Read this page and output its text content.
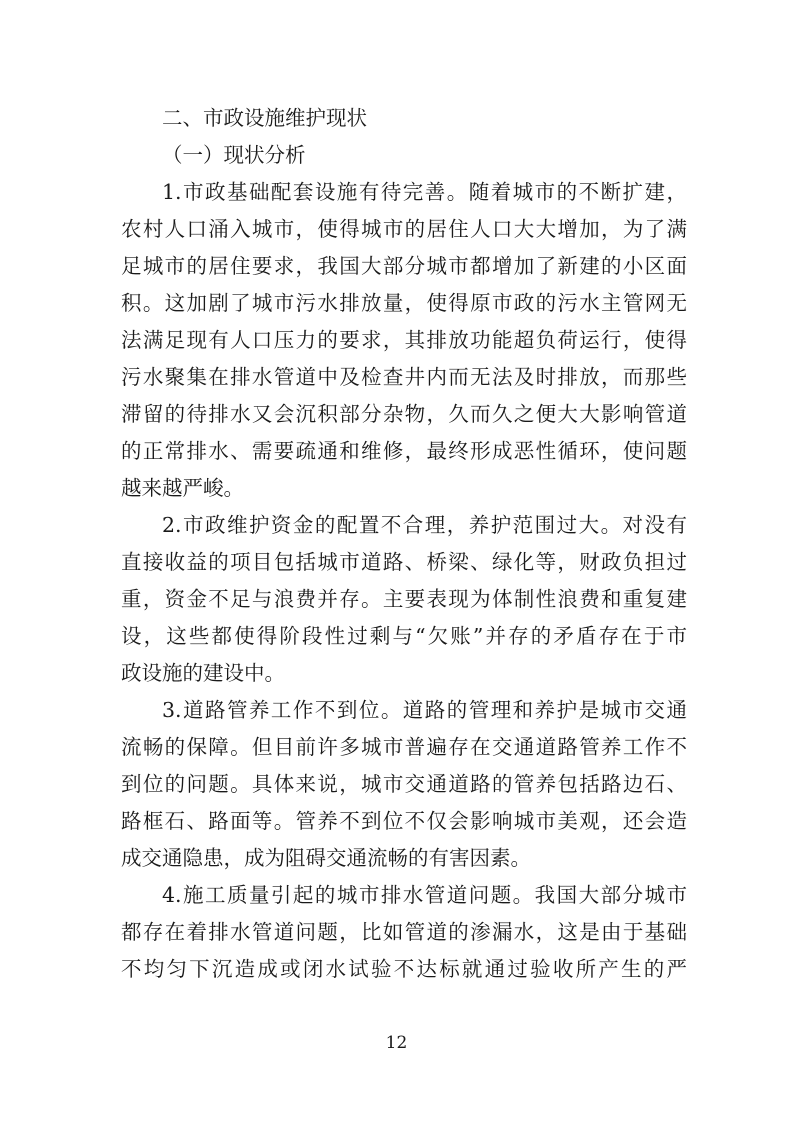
二、市政设施维护现状
（一）现状分析
1.市政基础配套设施有待完善。随着城市的不断扩建，
农村人口涌入城市，使得城市的居住人口大大增加，为了满
足城市的居住要求，我国大部分城市都增加了新建的小区面
积。这加剧了城市污水排放量，使得原市政的污水主管网无
法满足现有人口压力的要求，其排放功能超负荷运行，使得
污水聚集在排水管道中及检查井内而无法及时排放，而那些
滞留的待排水又会沉积部分杂物，久而久之便大大影响管道
的正常排水、需要疏通和维修，最终形成恶性循环，使问题
越来越严峻。
2.市政维护资金的配置不合理，养护范围过大。对没有
直接收益的项目包括城市道路、桥梁、绿化等，财政负担过
重，资金不足与浪费并存。主要表现为体制性浪费和重复建
设，这些都使得阶段性过剩与“欠账”并存的矛盾存在于市
政设施的建设中。
3.道路管养工作不到位。道路的管理和养护是城市交通
流畅的保障。但目前许多城市普遍存在交通道路管养工作不
到位的问题。具体来说，城市交通道路的管养包括路边石、
路框石、路面等。管养不到位不仅会影响城市美观，还会造
成交通隐患，成为阻碍交通流畅的有害因素。
4.施工质量引起的城市排水管道问题。我国大部分城市
都存在着排水管道问题，比如管道的渗漏水，这是由于基础
不均匀下沉造成或闭水试验不达标就通过验收所产生的严
12
